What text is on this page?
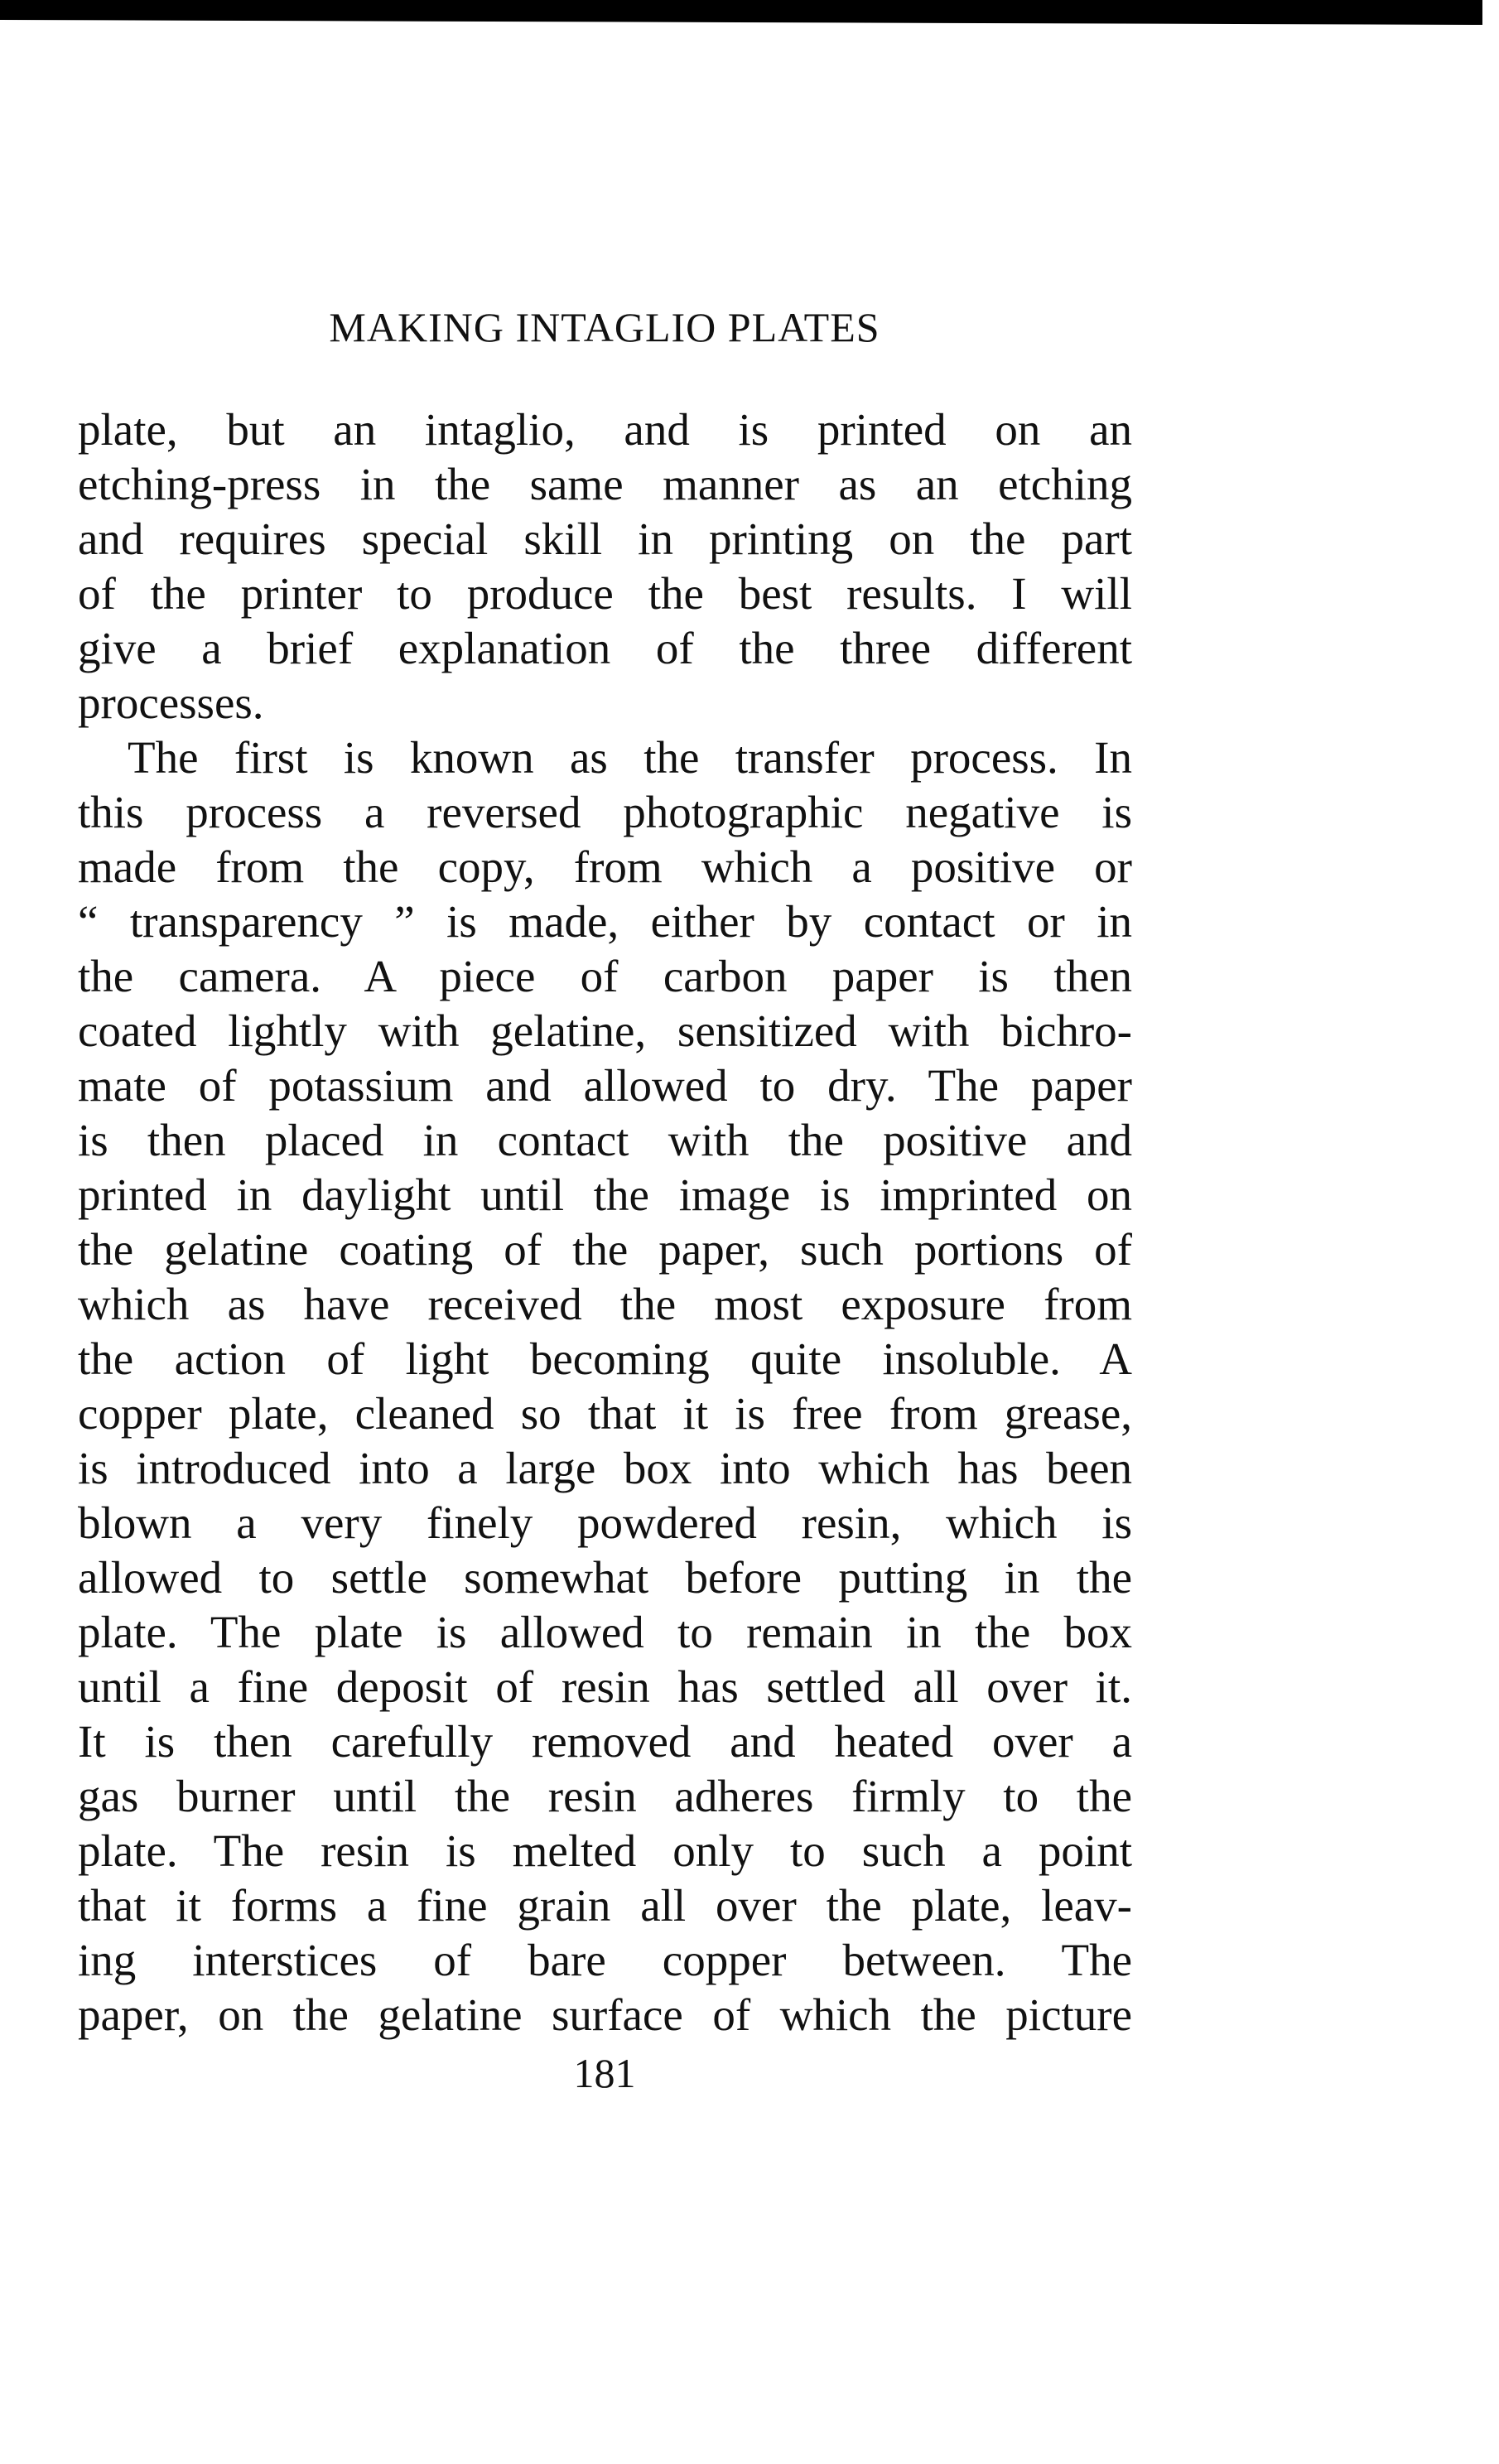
MAKING INTAGLIO PLATES
plate, but an intaglio, and is printed on an
etching-press in the same manner as an etching
and requires special skill in printing on the part
of the printer to produce the best results. I will
give a brief explanation of the three different
processes.
The first is known as the transfer process. In
this process a reversed photographic negative is
made from the copy, from which a positive or
“ transparency ” is made, either by contact or in
the camera. A piece of carbon paper is then
coated lightly with gelatine, sensitized with bichro-
mate of potassium and allowed to dry. The paper
is then placed in contact with the positive and
printed in daylight until the image is imprinted on
the gelatine coating of the paper, such portions of
which as have received the most exposure from
the action of light becoming quite insoluble. A
copper plate, cleaned so that it is free from grease,
is introduced into a large box into which has been
blown a very finely powdered resin, which is
allowed to settle somewhat before putting in the
plate. The plate is allowed to remain in the box
until a fine deposit of resin has settled all over it.
It is then carefully removed and heated over a
gas burner until the resin adheres firmly to the
plate. The resin is melted only to such a point
that it forms a fine grain all over the plate, leav-
ing interstices of bare copper between. The
paper, on the gelatine surface of which the picture
181
